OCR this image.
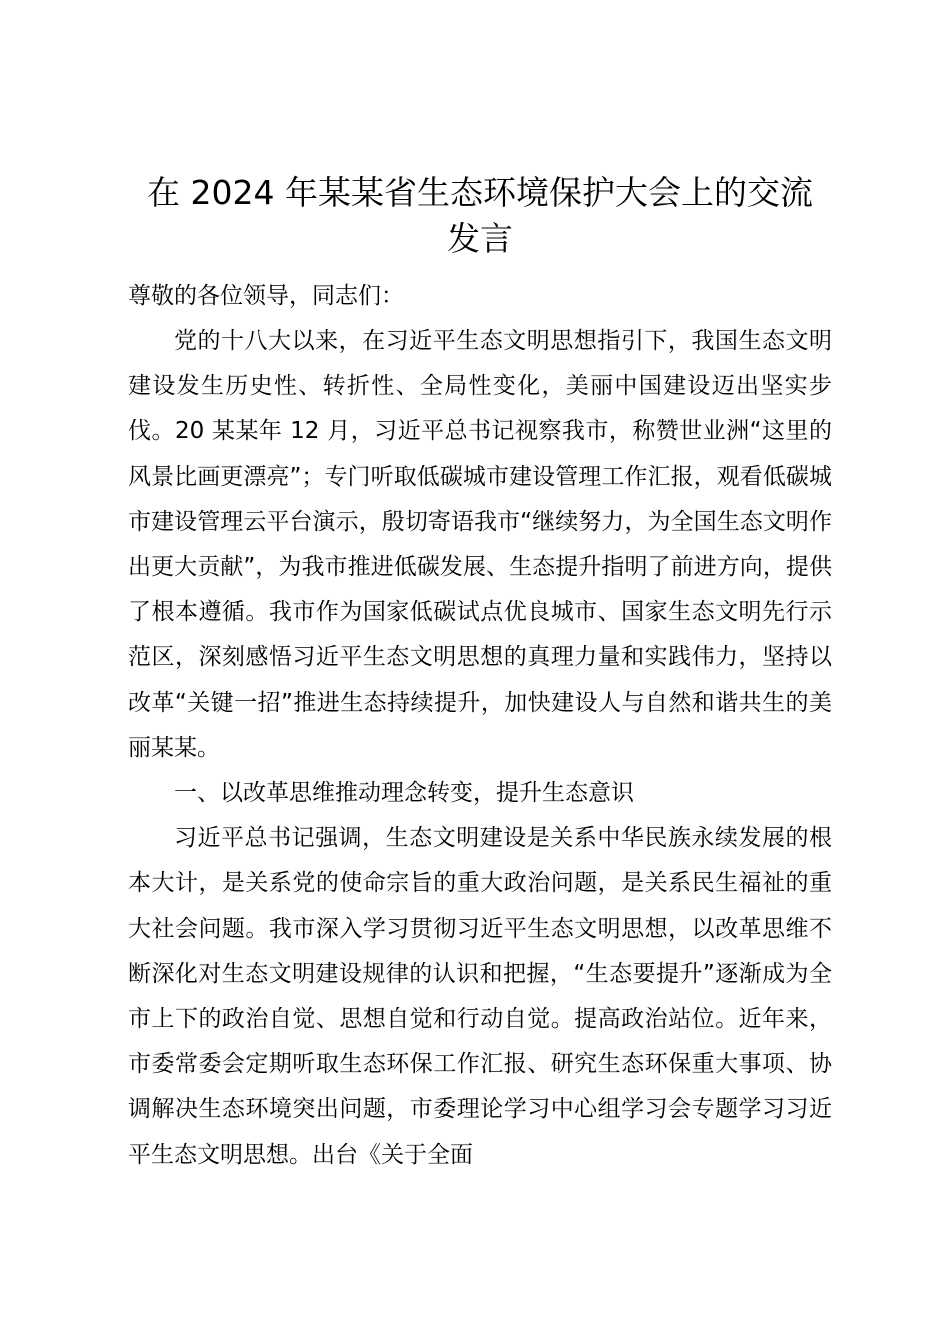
在 2024 年某某省生态环境保护大会上的交流
发言

尊敬的各位领导，同志们：

党的十八大以来，在习近平生态文明思想指引下，我国生态文明建设发生历史性、转折性、全局性变化，美丽中国建设迈出坚实步伐。20 某某年 12 月，习近平总书记视察我市，称赞世业洲“这里的风景比画更漂亮”；专门听取低碳城市建设管理工作汇报，观看低碳城市建设管理云平台演示，殷切寄语我市“继续努力，为全国生态文明作出更大贡献”，为我市推进低碳发展、生态提升指明了前进方向，提供了根本遵循。我市作为国家低碳试点优良城市、国家生态文明先行示范区，深刻感悟习近平生态文明思想的真理力量和实践伟力，坚持以改革“关键一招”推进生态持续提升，加快建设人与自然和谐共生的美丽某某。

一、以改革思维推动理念转变，提升生态意识

习近平总书记强调，生态文明建设是关系中华民族永续发展的根本大计，是关系党的使命宗旨的重大政治问题，是关系民生福祉的重大社会问题。我市深入学习贯彻习近平生态文明思想，以改革思维不断深化对生态文明建设规律的认识和把握，“生态要提升”逐渐成为全市上下的政治自觉、思想自觉和行动自觉。提高政治站位。近年来，市委常委会定期听取生态环保工作汇报、研究生态环保重大事项、协调解决生态环境突出问题，市委理论学习中心组学习会专题学习习近平生态文明思想。出台《关于全面
